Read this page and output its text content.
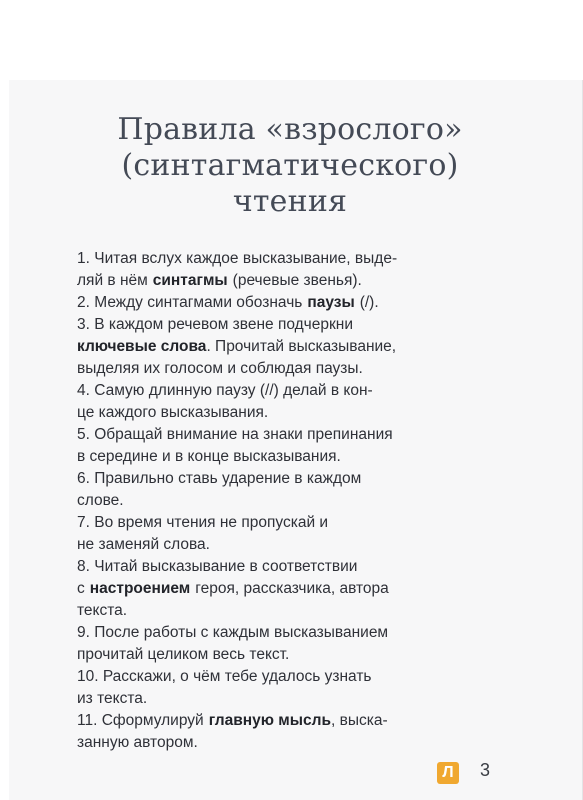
Правила «взрослого»
(синтагматического)
чтения
1. Читая вслух каждое высказывание, выде-
ляй в нём синтагмы (речевые звенья).
2. Между синтагмами обозначь паузы (/).
3. В каждом речевом звене подчеркни
ключевые слова . Прочитай высказывание,
выделяя их голосом и соблюдая паузы.
4. Самую длинную паузу (//) делай в кон-
це каждого высказывания.
5. Обращай внимание на знаки препинания
в середине и в конце высказывания.
6. Правильно ставь ударение в каждом
слове.
7. Во время чтения не пропускай и
не заменяй слова.
8. Читай высказывание в соответствии
с настроением героя, рассказчика, автора
текста.
9. После работы с каждым высказыванием
прочитай целиком весь текст.
10. Расскажи, о чём тебе удалось узнать
из текста.
11. Сформулируй главную мысль , выска-
занную автором.
Л 3
